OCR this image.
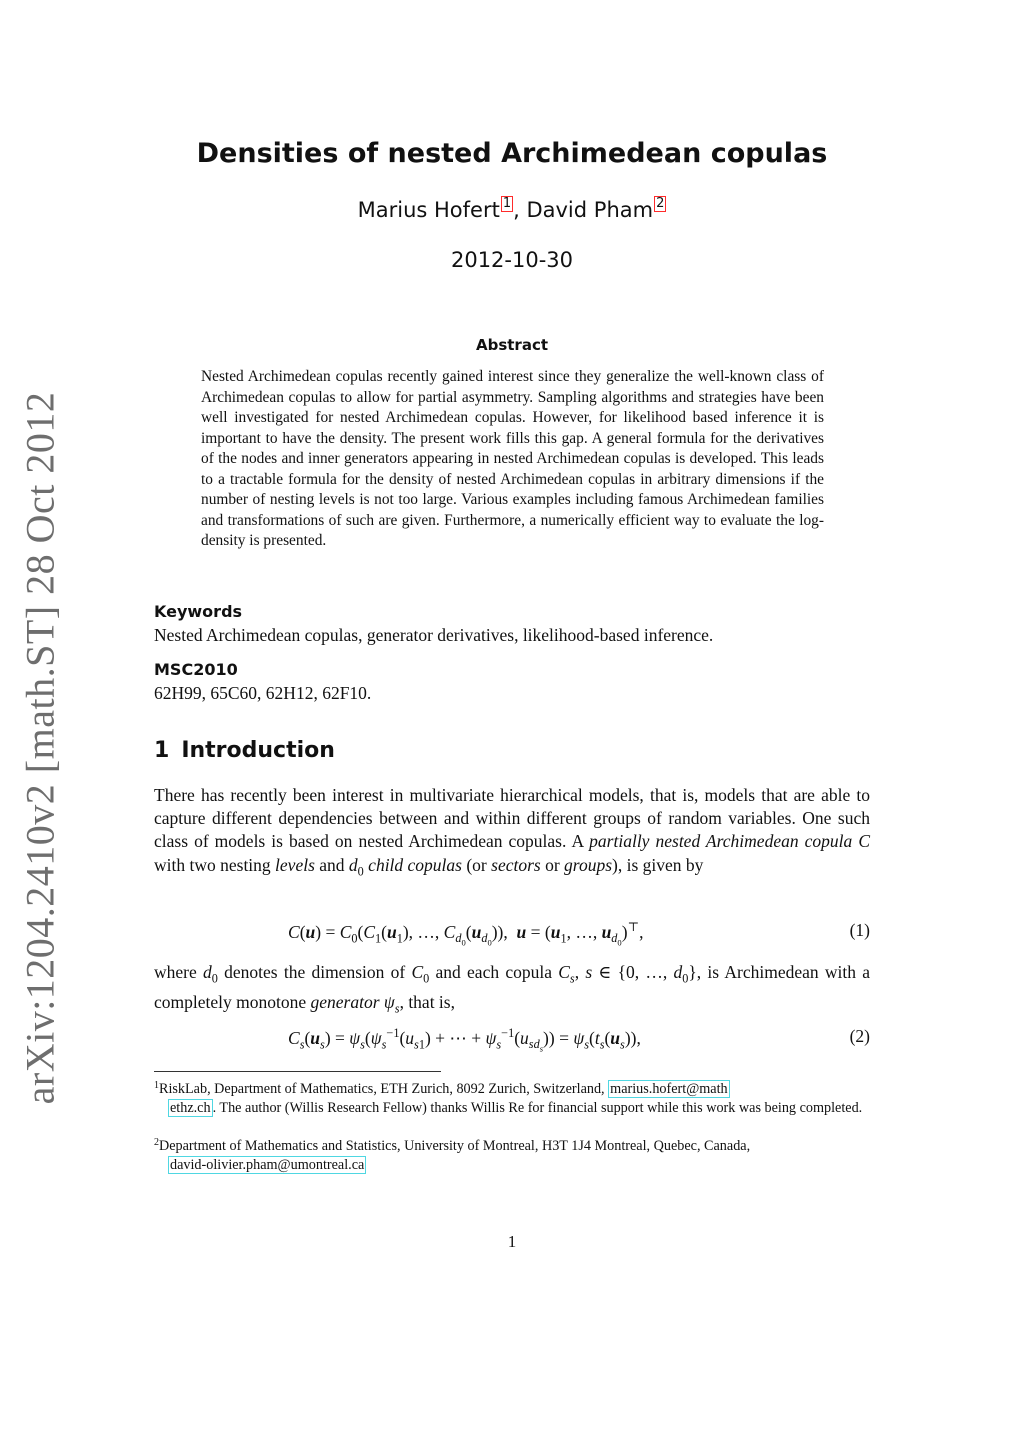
arXiv:1204.2410v2 [math.ST] 28 Oct 2012
Densities of nested Archimedean copulas
Marius Hofert 1, David Pham 2
2012-10-30
Abstract
Nested Archimedean copulas recently gained interest since they generalize the well-known class of Archimedean copulas to allow for partial asymmetry. Sampling algorithms and strategies have been well investigated for nested Archimedean copulas. However, for likelihood based inference it is important to have the density. The present work fills this gap. A general formula for the derivatives of the nodes and inner generators appearing in nested Archimedean copulas is developed. This leads to a tractable formula for the density of nested Archimedean copulas in arbitrary dimensions if the number of nesting levels is not too large. Various examples including famous Archimedean families and transformations of such are given. Furthermore, a numerically efficient way to evaluate the log-density is presented.
Keywords
Nested Archimedean copulas, generator derivatives, likelihood-based inference.
MSC2010
62H99, 65C60, 62H12, 62F10.
1 Introduction
There has recently been interest in multivariate hierarchical models, that is, models that are able to capture different dependencies between and within different groups of random variables. One such class of models is based on nested Archimedean copulas. A partially nested Archimedean copula C with two nesting levels and $d_0$ child copulas (or sectors or groups), is given by
$C(u) = C_0(C_1(u_1)$, …, $C_{d_0}(u_{d_0})$),  $u = (u_1$, …, $u_{d_0})^⊤$,	(1)
where $d_0$ denotes the dimension of $C_0$ and each copula $C_s$, s ∈ {0, …, $d_0$}, is Archimedean with a completely monotone generator $\psi_s$, that is,
$C_s(u_s) = \psi_s(\psi_s^{-1}(u_{s1})$ + ⋯ + $\psi_s^{-1}(u_{sd_s})) = \psi_s(t_s(u_s))$,	(2)
$^1$RiskLab, Department of Mathematics, ETH Zurich, 8092 Zurich, Switzerland, marius.hofert@math
ethz.ch . The author (Willis Research Fellow) thanks Willis Re for financial support while this work was being completed.
$^2$Department of Mathematics and Statistics, University of Montreal, H3T 1J4 Montreal, Quebec, Canada,
david-olivier.pham@umontreal.ca
1
